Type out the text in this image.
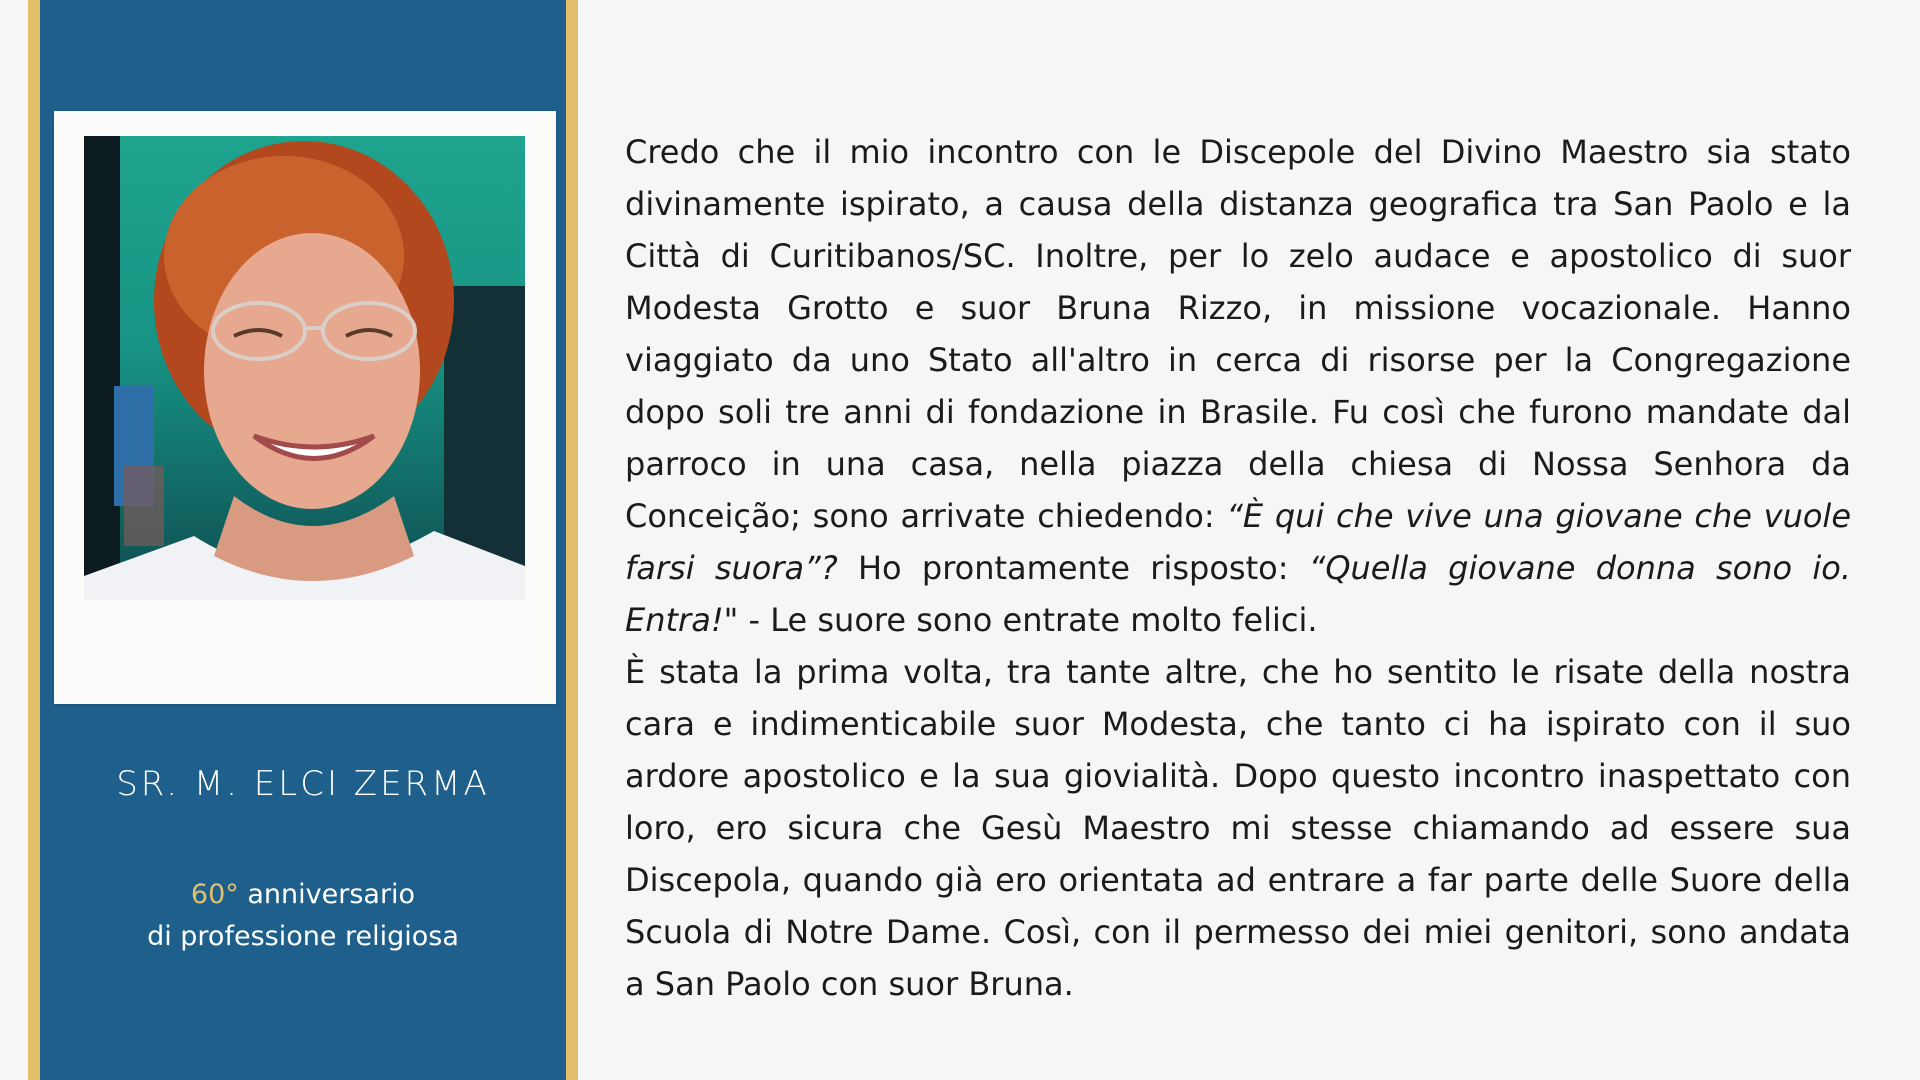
SR. M. ELCI ZERMA
60° anniversario
di professione religiosa

Credo che il mio incontro con le Discepole del Divino Maestro sia stato divinamente ispirato, a causa della distanza geografica tra San Paolo e la Città di Curitibanos/SC. Inoltre, per lo zelo audace e apostolico di suor Modesta Grotto e suor Bruna Rizzo, in missione vocazionale. Hanno viaggiato da uno Stato all'altro in cerca di risorse per la Congregazione dopo soli tre anni di fondazione in Brasile. Fu così che furono mandate dal parroco in una casa, nella piazza della chiesa di Nossa Senhora da Conceição; sono arrivate chiedendo: “È qui che vive una giovane che vuole farsi suora”? Ho prontamente risposto: “Quella giovane donna sono io. Entra!" - Le suore sono entrate molto felici.

È stata la prima volta, tra tante altre, che ho sentito le risate della nostra cara e indimenticabile suor Modesta, che tanto ci ha ispirato con il suo ardore apostolico e la sua giovialità. Dopo questo incontro inaspettato con loro, ero sicura che Gesù Maestro mi stesse chiamando ad essere sua Discepola, quando già ero orientata ad entrare a far parte delle Suore della Scuola di Notre Dame. Così, con il permesso dei miei genitori, sono andata a San Paolo con suor Bruna.
